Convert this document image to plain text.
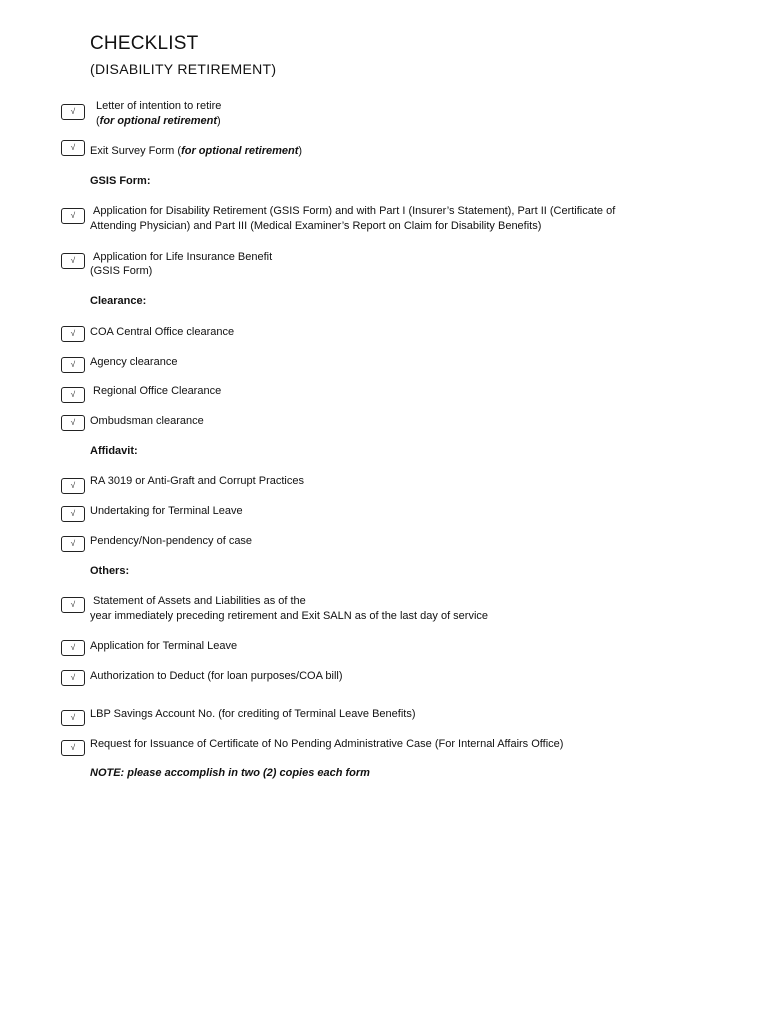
CHECKLIST
(DISABILITY RETIREMENT)
√	Letter of intention to retire
(for optional retirement)
√	Exit Survey Form (for optional retirement)
GSIS Form:
√	Application for Disability Retirement (GSIS Form) and with Part I (Insurer’s Statement), Part II (Certificate of
Attending Physician) and Part III (Medical Examiner’s Report on Claim for Disability Benefits)
√	Application for Life Insurance Benefit
(GSIS Form)
Clearance:
√	COA Central Office clearance
√	Agency clearance
√	Regional Office Clearance
√	Ombudsman clearance
Affidavit:
√	RA 3019 or Anti-Graft and Corrupt Practices
√	Undertaking for Terminal Leave
√	Pendency/Non-pendency of case
Others:
√	Statement of Assets and Liabilities as of the
year immediately preceding retirement and Exit SALN as of the last day of service
√	Application for Terminal Leave
√	Authorization to Deduct (for loan purposes/COA bill)
√	LBP Savings Account No. (for crediting of Terminal Leave Benefits)
√	Request for Issuance of Certificate of No Pending Administrative Case (For Internal Affairs Office)
NOTE: please accomplish in two (2) copies each form
